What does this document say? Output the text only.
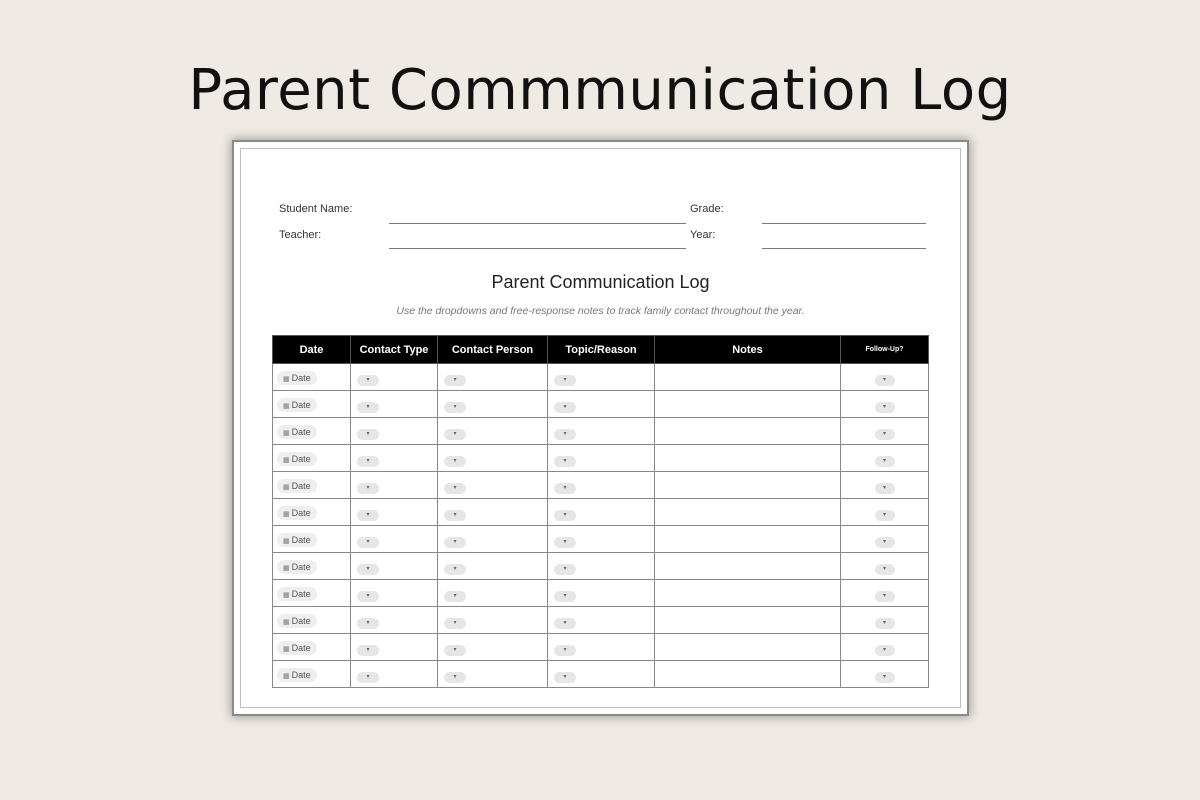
Parent Commmunication Log
Student Name:
Teacher:
Grade:
Year:
Parent Communication Log
Use the dropdowns and free-response notes to track family contact throughout the year.
Date	Contact Type	Contact Person	Topic/Reason	Notes	Follow-Up?
▦ Date	▾	▾	▾		▾
▦ Date	▾	▾	▾		▾
▦ Date	▾	▾	▾		▾
▦ Date	▾	▾	▾		▾
▦ Date	▾	▾	▾		▾
▦ Date	▾	▾	▾		▾
▦ Date	▾	▾	▾		▾
▦ Date	▾	▾	▾		▾
▦ Date	▾	▾	▾		▾
▦ Date	▾	▾	▾		▾
▦ Date	▾	▾	▾		▾
▦ Date	▾	▾	▾		▾
